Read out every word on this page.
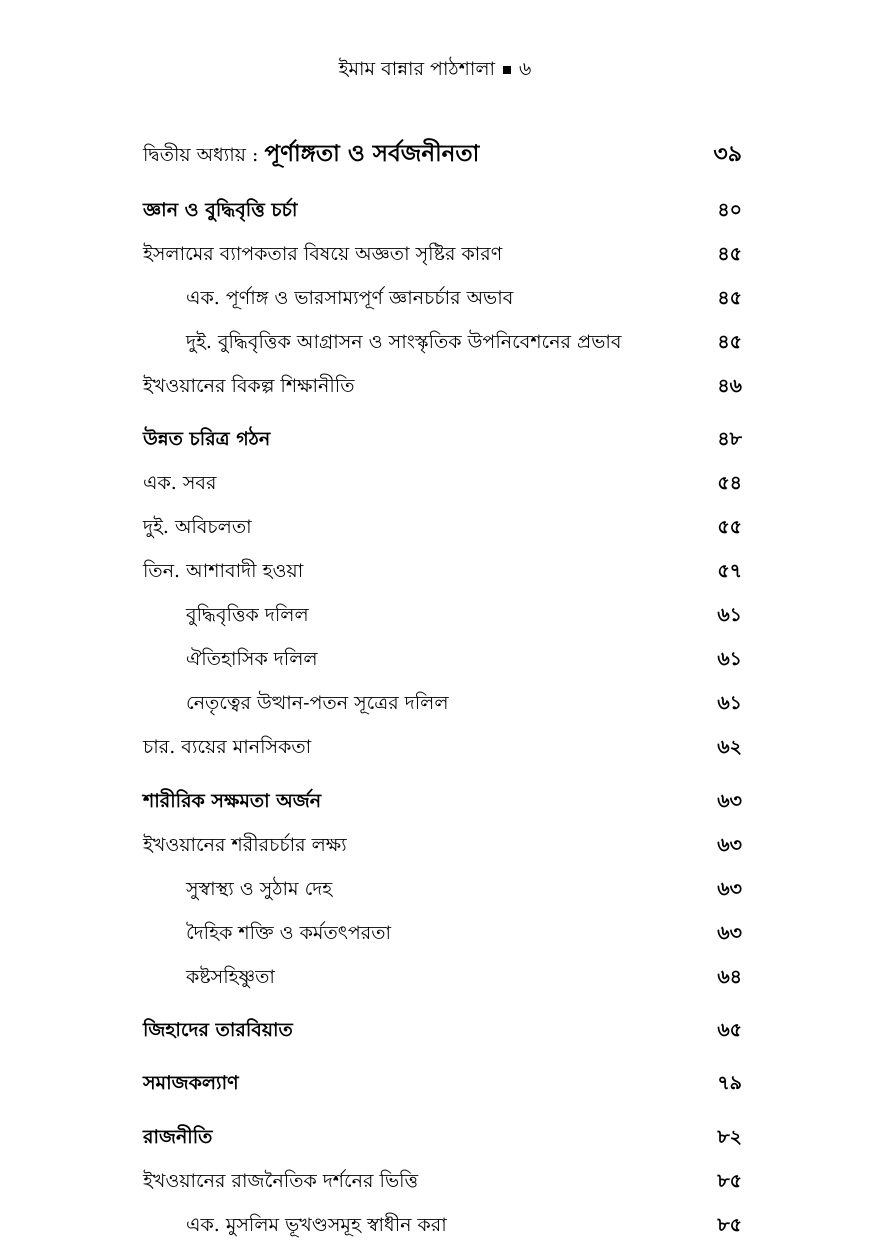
ইমাম বান্নার পাঠশালা ৬
দ্বিতীয় অধ্যায় : পূর্ণাঙ্গতা ও সর্বজনীনতা	৩৯
জ্ঞান ও বুদ্ধিবৃত্তি চর্চা	৪০
ইসলামের ব্যাপকতার বিষয়ে অজ্ঞতা সৃষ্টির কারণ	৪৫
এক. পূর্ণাঙ্গ ও ভারসাম্যপূর্ণ জ্ঞানচর্চার অভাব	৪৫
দুই. বুদ্ধিবৃত্তিক আগ্রাসন ও সাংস্কৃতিক উপনিবেশনের প্রভাব	৪৫
ইখওয়ানের বিকল্প শিক্ষানীতি	৪৬
উন্নত চরিত্র গঠন	৪৮
এক. সবর	৫৪
দুই. অবিচলতা	৫৫
তিন. আশাবাদী হওয়া	৫৭
বুদ্ধিবৃত্তিক দলিল	৬১
ঐতিহাসিক দলিল	৬১
নেতৃত্বের উত্থান-পতন সূত্রের দলিল	৬১
চার. ব্যয়ের মানসিকতা	৬২
শারীরিক সক্ষমতা অর্জন	৬৩
ইখওয়ানের শরীরচর্চার লক্ষ্য	৬৩
সুস্বাস্থ্য ও সুঠাম দেহ	৬৩
দৈহিক শক্তি ও কর্মতৎপরতা	৬৩
কষ্টসহিষ্ণুতা	৬৪
জিহাদের তারবিয়াত	৬৫
সমাজকল্যাণ	৭৯
রাজনীতি	৮২
ইখওয়ানের রাজনৈতিক দর্শনের ভিত্তি	৮৫
এক. মুসলিম ভূখণ্ডসমূহ স্বাধীন করা	৮৫
